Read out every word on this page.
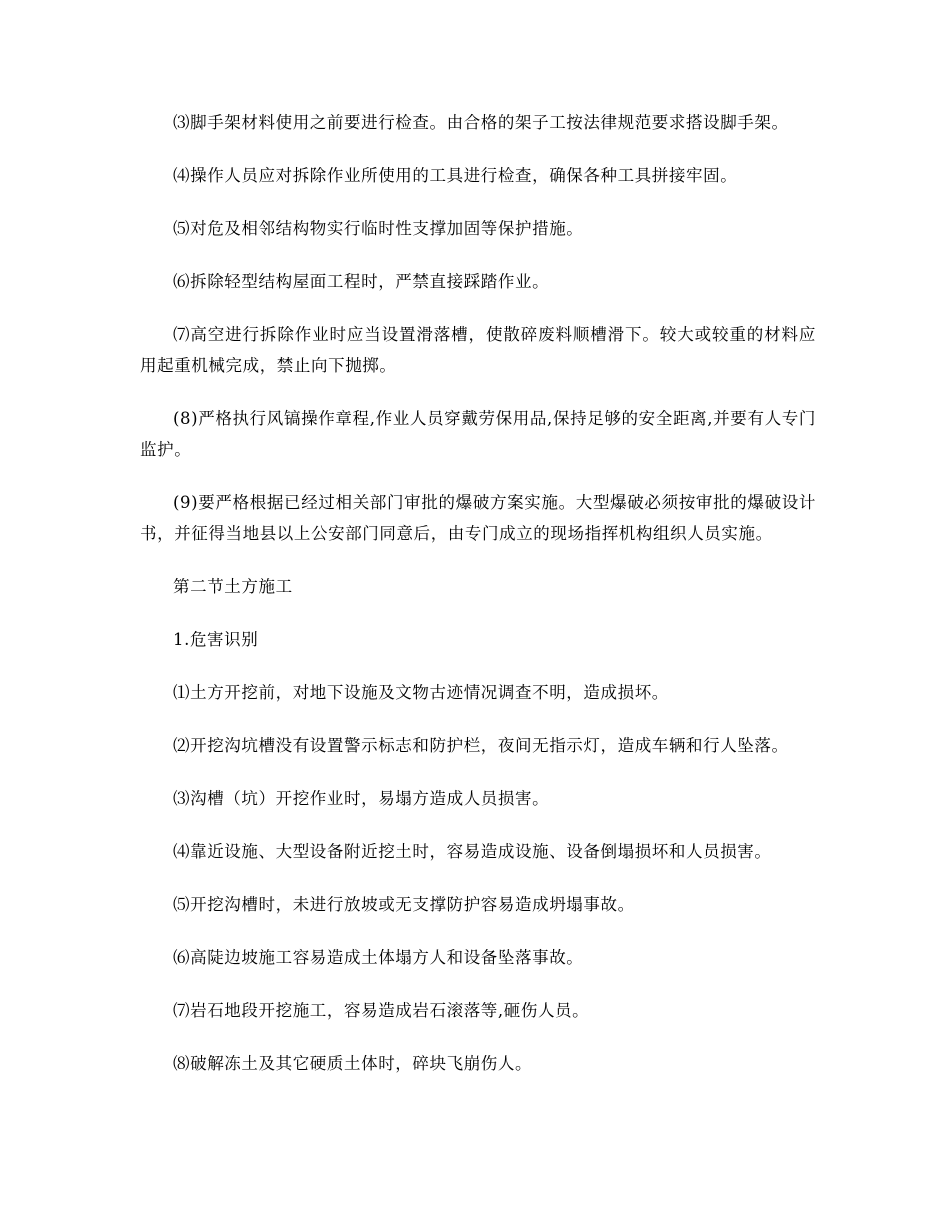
⑶脚手架材料使用之前要进行检查。由合格的架子工按法律规范要求搭设脚手架。

⑷操作人员应对拆除作业所使用的工具进行检查，确保各种工具拼接牢固。

⑸对危及相邻结构物实行临时性支撑加固等保护措施。

⑹拆除轻型结构屋面工程时，严禁直接踩踏作业。

⑺高空进行拆除作业时应当设置滑落槽，使散碎废料顺槽滑下。较大或较重的材料应用起重机械完成，禁止向下抛掷。

(8)严格执行风镐操作章程,作业人员穿戴劳保用品,保持足够的安全距离,并要有人专门监护。

(9)要严格根据已经过相关部门审批的爆破方案实施。大型爆破必须按审批的爆破设计书，并征得当地县以上公安部门同意后，由专门成立的现场指挥机构组织人员实施。

第二节土方施工

1.危害识别

⑴土方开挖前，对地下设施及文物古迹情况调查不明，造成损坏。

⑵开挖沟坑槽没有设置警示标志和防护栏，夜间无指示灯，造成车辆和行人坠落。

⑶沟槽（坑）开挖作业时，易塌方造成人员损害。

⑷靠近设施、大型设备附近挖土时，容易造成设施、设备倒塌损坏和人员损害。

⑸开挖沟槽时，未进行放坡或无支撑防护容易造成坍塌事故。

⑹高陡边坡施工容易造成土体塌方人和设备坠落事故。

⑺岩石地段开挖施工，容易造成岩石滚落等,砸伤人员。

⑻破解冻土及其它硬质土体时，碎块飞崩伤人。
